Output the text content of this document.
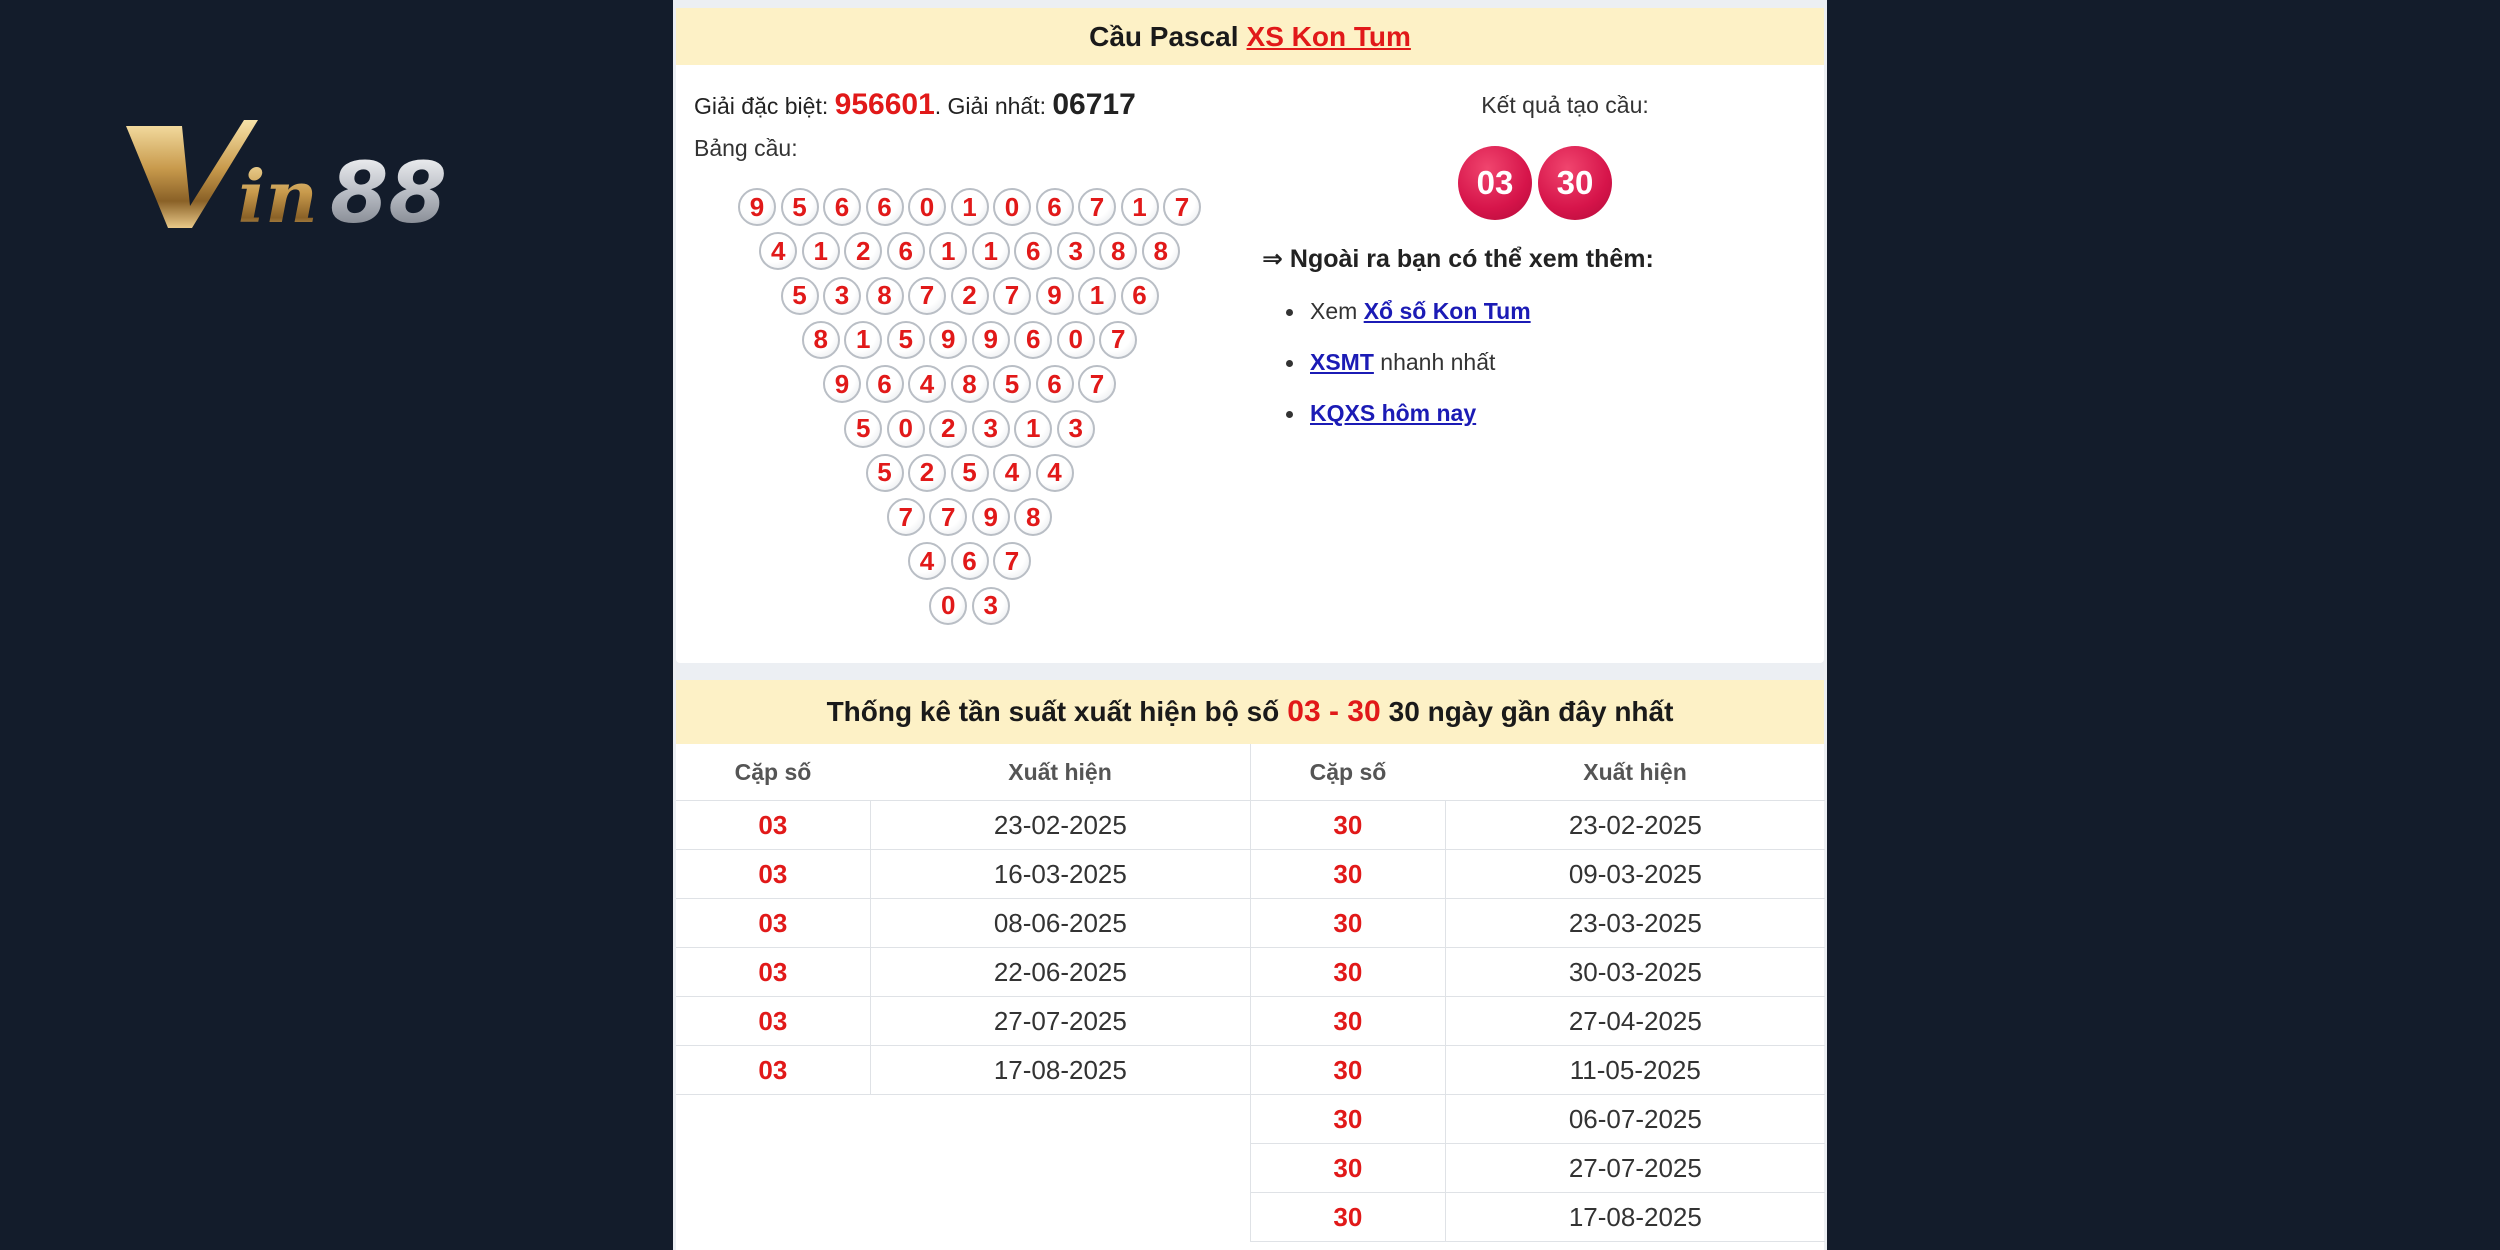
in 88
Cầu Pascal XS Kon Tum
Giải đặc biệt: 956601. Giải nhất: 06717
Bảng cầu:
9	5	6	6	0	1	0	6	7	1	7
4	1	2	6	1	1	6	3	8	8
5	3	8	7	2	7	9	1	6
8	1	5	9	9	6	0	7
9	6	4	8	5	6	7
5	0	2	3	1	3
5	2	5	4	4
7	7	9	8
4	6	7
0	3
Kết quả tạo cầu:
03	30
⇒ Ngoài ra bạn có thể xem thêm:
Xem Xổ số Kon Tum
XSMT nhanh nhất
KQXS hôm nay
Thống kê tần suất xuất hiện bộ số 03 - 30 30 ngày gần đây nhất
Cặp số	Xuất hiện
03	23-02-2025
03	16-03-2025
03	08-06-2025
03	22-06-2025
03	27-07-2025
03	17-08-2025
Cặp số	Xuất hiện
30	23-02-2025
30	09-03-2025
30	23-03-2025
30	30-03-2025
30	27-04-2025
30	11-05-2025
30	06-07-2025
30	27-07-2025
30	17-08-2025
